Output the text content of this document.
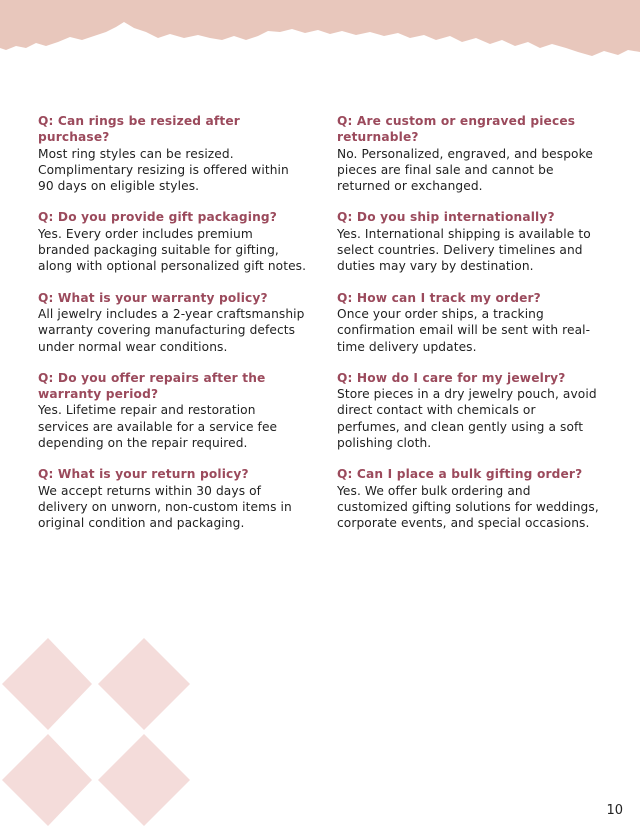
Q: Can rings be resized after purchase?
Most ring styles can be resized. Complimentary resizing is offered within 90 days on eligible styles.
Q: Do you provide gift packaging?
Yes. Every order includes premium branded packaging suitable for gifting, along with optional personalized gift notes.
Q: What is your warranty policy?
All jewelry includes a 2-year craftsmanship warranty covering manufacturing defects under normal wear conditions.
Q: Do you offer repairs after the warranty period?
Yes. Lifetime repair and restoration services are available for a service fee depending on the repair required.
Q: What is your return policy?
We accept returns within 30 days of delivery on unworn, non-custom items in original condition and packaging.
Q: Are custom or engraved pieces returnable?
No. Personalized, engraved, and bespoke pieces are final sale and cannot be returned or exchanged.
Q: Do you ship internationally?
Yes. International shipping is available to select countries. Delivery timelines and duties may vary by destination.
Q: How can I track my order?
Once your order ships, a tracking confirmation email will be sent with real-time delivery updates.
Q: How do I care for my jewelry?
Store pieces in a dry jewelry pouch, avoid direct contact with chemicals or perfumes, and clean gently using a soft polishing cloth.
Q: Can I place a bulk gifting order?
Yes. We offer bulk ordering and customized gifting solutions for weddings, corporate events, and special occasions.
10
